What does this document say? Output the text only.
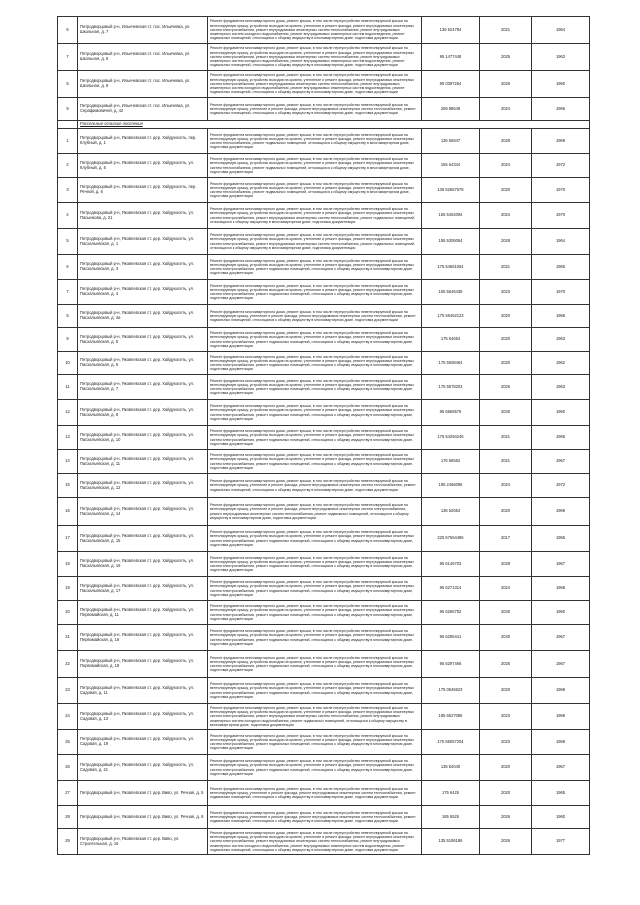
6	Петродворцовый р-н, Ильичевская ст. пос. Ильичевка, ул. Школьная, д. 7	Ремонт фундамента многоквартирного дома, ремонт крыши, в том числе переустройство невентилируемой крыши на вентилируемую крышу, устройство выходов на кровлю, утепление и ремонт фасада, ремонт внутридомовых инженерных систем электроснабжения, ремонт внутридомовых инженерных систем теплоснабжения, ремонт внутридомовых инженерных систем холодного водоснабжения, ремонт внутридомовых инженерных систем водоотведения, ремонт подвальных помещений, относящихся к общему имуществу в многоквартирном доме, подготовка документации	136 524784	2021	1964
7	Петродворцовый р-н, Ильичевская ст. пос. Ильичевка, ул. Школьная, д. 8	Ремонт фундамента многоквартирного дома, ремонт крыши, в том числе переустройство невентилируемой крыши на вентилируемую крышу, устройство выходов на кровлю, утепление и ремонт фасада, ремонт внутридомовых инженерных систем электроснабжения, ремонт внутридомовых инженерных систем теплоснабжения, ремонт внутридомовых инженерных систем холодного водоснабжения, ремонт внутридомовых инженерных систем водоотведения, ремонт подвальных помещений, относящихся к общему имуществу в многоквартирном доме, подготовка документации	95 1477448	2025	1963
8	Петродворцовый р-н, Ильичевская ст. пос. Ильичевка, ул. Школьная, д. 9	Ремонт фундамента многоквартирного дома, ремонт крыши, в том числе переустройство невентилируемой крыши на вентилируемую крышу, устройство выходов на кровлю, утепление и ремонт фасада, ремонт внутридомовых инженерных систем электроснабжения, ремонт внутридомовых инженерных систем теплоснабжения, ремонт внутридомовых инженерных систем холодного водоснабжения, ремонт внутридомовых инженерных систем водоотведения, ремонт подвальных помещений, относящихся к общему имуществу в многоквартирном доме, подготовка документации	95 0397264	2026	1960
9	Петродворцовый р-н, Ильичевская ст. пос. Ильичевка, ул. Серафимовичей, д. 42	Ремонт фундамента многоквартирного дома, ремонт крыши, в том числе переустройство невентилируемой крыши на вентилируемую крышу, утепление и ремонт фасада, ремонт внутридомовых инженерных систем теплоснабжения, ремонт подвальных помещений, относящихся к общему имуществу в многоквартирном доме, подготовка документации	259 98648	2024	1966
	Рассельные сельские поселения				
1	Петродворцовый р-н, Яковлевская ст. дер. Хайдукосеть, пер. Клубный, д. 1	Ремонт фундамента многоквартирного дома, ремонт крыши, в том числе переустройство невентилируемой крыши на вентилируемую крышу, устройство выходов на кровлю, утепление и ремонт фасада, ремонт внутридомовых инженерных систем теплоснабжения, ремонт подвальных помещений, относящихся к общему имуществу в многоквартирном доме, подготовка документации	136 65847	2028	1969
2	Петродворцовый р-н, Яковлевская ст. дер. Хайдукосеть, ул. Клубный, д. 5	Ремонт фундамента многоквартирного дома, ремонт крыши, в том числе переустройство невентилируемой крыши на вентилируемую крышу, устройство выходов на кровлю, утепление и ремонт фасада, ремонт внутридомовых инженерных систем теплоснабжения, ремонт подвальных помещений, относящихся к общему имуществу в многоквартирном доме, подготовка документации	155 64344	2024	1972
3	Петродворцовый р-н, Яковлевская ст. дер. Хайдукосеть, пер. Речной, д. 6	Ремонт фундамента многоквартирного дома, ремонт крыши, в том числе переустройство невентилируемой крыши на вентилируемую крышу, устройство выходов на кровлю, утепление и ремонт фасада, ремонт внутридомовых инженерных систем теплоснабжения, ремонт подвальных помещений, относящихся к общему имуществу в многоквартирном доме, подготовка документации	136 52667678	2020	1970
4	Петродворцовый р-н, Яковлевская ст. дер. Хайдукосеть, ул. Пасынкова, д. 21	Ремонт фундамента многоквартирного дома, ремонт крыши, в том числе переустройство невентилируемой крыши на вентилируемую крышу, устройство выходов на кровлю, утепление и ремонт фасада, ремонт внутридомовых инженерных систем электроснабжения, ремонт внутридомовых инженерных систем теплоснабжения, ремонт подвальных помещений, относящихся к общему имуществу в многоквартирном доме, подготовка документации	155 5454094	2024	1970
5	Петродворцовый р-н, Яковлевская ст. дер. Хайдукосеть, ул. Пасхальевская, д. 1	Ремонт фундамента многоквартирного дома, ремонт крыши, в том числе переустройство невентилируемой крыши на вентилируемую крышу, устройство выходов на кровлю, утепление и ремонт фасада, ремонт внутридомовых инженерных систем электроснабжения, ремонт внутридомовых инженерных систем теплоснабжения, ремонт подвальных помещений, относящихся к общему имуществу в многоквартирном доме, подготовка документации	155 5306064	2028	1964
6	Петродворцовый р-н, Яковлевская ст. дер. Хайдукосеть, ул. Пасхальевская, д. 3	Ремонт фундамента многоквартирного дома, ремонт крыши, в том числе переустройство невентилируемой крыши на вентилируемую крышу, устройство выходов на кровлю, утепление и ремонт фасада, ремонт внутридомовых инженерных систем электроснабжения, ремонт подвальных помещений, относящихся к общему имуществу в многоквартирном доме, подготовка документации	175 54661064	2021	1965
7	Петродворцовый р-н, Яковлевская ст. дер. Хайдукосеть, ул. Пасхальевская, д. 4	Ремонт фундамента многоквартирного дома, ремонт крыши, в том числе переустройство невентилируемой крыши на вентилируемую крышу, устройство выходов на кровлю, утепление и ремонт фасада, ремонт внутридомовых инженерных систем электроснабжения, ремонт подвальных помещений, относящихся к общему имуществу в многоквартирном доме, подготовка документации	155 5646435	2023	1970
8	Петродворцовый р-н, Яковлевская ст. дер. Хайдукосеть, ул. Пасхальевская, д. 4а	Ремонт фундамента многоквартирного дома, ремонт крыши, в том числе переустройство невентилируемой крыши на вентилируемую крышу, утепление и ремонт фасада, ремонт внутридомовых инженерных систем теплоснабжения, ремонт подвальных помещений, относящихся к общему имуществу в многоквартирном доме, подготовка документации	175 55462123	2020	1965
9	Петродворцовый р-н, Яковлевская ст. дер. Хайдукосеть, ул. Пасхальевская, д. 5	Ремонт фундамента многоквартирного дома, ремонт крыши, в том числе переустройство невентилируемой крыши на вентилируемую крышу, устройство выходов на кровлю, утепление и ремонт фасада, ремонт внутридомовых инженерных систем электроснабжения, ремонт подвальных помещений, относящихся к общему имуществу в многоквартирном доме, подготовка документации	175 54654	2020	1963
10	Петродворцовый р-н, Яковлевская ст. дер. Хайдукосеть, ул. Пасхальевская, д. 6	Ремонт фундамента многоквартирного дома, ремонт крыши, в том числе переустройство невентилируемой крыши на вентилируемую крышу, устройство выходов на кровлю, утепление и ремонт фасада, ремонт внутридомовых инженерных систем электроснабжения, ремонт подвальных помещений, относящихся к общему имуществу в многоквартирном доме, подготовка документации	175 5508464	2020	1962
11	Петродворцовый р-н, Яковлевская ст. дер. Хайдукосеть, ул. Пасхальевская, д. 7	Ремонт фундамента многоквартирного дома, ремонт крыши, в том числе переустройство невентилируемой крыши на вентилируемую крышу, устройство выходов на кровлю, утепление и ремонт фасада, ремонт внутридомовых инженерных систем электроснабжения, ремонт подвальных помещений, относящихся к общему имуществу в многоквартирном доме, подготовка документации	175 5578203	2026	1963
12	Петродворцовый р-н, Яковлевская ст. дер. Хайдукосеть, ул. Пасхальевская, д. 8	Ремонт фундамента многоквартирного дома, ремонт крыши, в том числе переустройство невентилируемой крыши на вентилируемую крышу, устройство выходов на кровлю, утепление и ремонт фасада, ремонт внутридомовых инженерных систем электроснабжения, ремонт подвальных помещений, относящихся к общему имуществу в многоквартирном доме, подготовка документации	95 6566576	2040	1960
13	Петродворцовый р-н, Яковлевская ст. дер. Хайдукосеть, ул. Пасхальевская, д. 10	Ремонт фундамента многоквартирного дома, ремонт крыши, в том числе переустройство невентилируемой крыши на вентилируемую крышу, устройство выходов на кровлю, утепление и ремонт фасада, ремонт внутридомовых инженерных систем электроснабжения, ремонт подвальных помещений, относящихся к общему имуществу в многоквартирном доме, подготовка документации	175 54294246	2021	1965
14	Петродворцовый р-н, Яковлевская ст. дер. Хайдукосеть, ул. Пасхальевская, д. 11	Ремонт фундамента многоквартирного дома, ремонт крыши, в том числе переустройство невентилируемой крыши на вентилируемую крышу, устройство выходов на кровлю, утепление и ремонт фасада, ремонт внутридомовых инженерных систем электроснабжения, ремонт подвальных помещений, относящихся к общему имуществу в многоквартирном доме, подготовка документации	176 56562	2021	1967
15	Петродворцовый р-н, Яковлевская ст. дер. Хайдукосеть, ул. Пасхальевская, д. 12	Ремонт фундамента многоквартирного дома, ремонт крыши, в том числе переустройство невентилируемой крыши на вентилируемую крышу, утепление и ремонт фасада, ремонт внутридомовых инженерных систем теплоснабжения, ремонт подвальных помещений, относящихся к общему имуществу в многоквартирном доме, подготовка документации	195 2466096	2024	1972
16	Петродворцовый р-н, Яковлевская ст. дер. Хайдукосеть, ул. Пасхальевская, д. 14	Ремонт фундамента многоквартирного дома, ремонт крыши, в том числе переустройство невентилируемой крыши на вентилируемую крышу, утепление и ремонт фасада, ремонт внутридомовых инженерных систем электроснабжения, ремонт внутридомовых инженерных систем теплоснабжения, ремонт подвальных помещений, относящихся к общему имуществу в многоквартирном доме, подготовка документации	136 52654	2020	1969
17	Петродворцовый р-н, Яковлевская ст. дер. Хайдукосеть, ул. Пасхальевская, д. 15	Ремонт фундамента многоквартирного дома, ремонт крыши, в том числе переустройство невентилируемой крыши на вентилируемую крышу, устройство выходов на кровлю, утепление и ремонт фасада, ремонт внутридомовых инженерных систем электроснабжения, ремонт подвальных помещений, относящихся к общему имуществу в многоквартирном доме, подготовка документации	225 57564486	2017	1965
18	Петродворцовый р-н, Яковлевская ст. дер. Хайдукосеть, ул. Пасхальевская, д. 16	Ремонт фундамента многоквартирного дома, ремонт крыши, в том числе переустройство невентилируемой крыши на вентилируемую крышу, устройство выходов на кровлю, утепление и ремонт фасада, ремонт внутридомовых инженерных систем электроснабжения, ремонт подвальных помещений, относящихся к общему имуществу в многоквартирном доме, подготовка документации	95 6146703	2029	1967
19	Петродворцовый р-н, Яковлевская ст. дер. Хайдукосеть, ул. Пасхальевская, д. 17	Ремонт фундамента многоквартирного дома, ремонт крыши, в том числе переустройство невентилируемой крыши на вентилируемую крышу, устройство выходов на кровлю, утепление и ремонт фасада, ремонт внутридомовых инженерных систем электроснабжения, ремонт подвальных помещений, относящихся к общему имуществу в многоквартирном доме, подготовка документации	95 6271314	2024	1968
20	Петродворцовый р-н, Яковлевская ст. дер. Хайдукосеть, ул. Первомайская, д. 11	Ремонт фундамента многоквартирного дома, ремонт крыши, в том числе переустройство невентилируемой крыши на вентилируемую крышу, устройство выходов на кровлю, утепление и ремонт фасада, ремонт внутридомовых инженерных систем электроснабжения, ремонт подвальных помещений, относящихся к общему имуществу в многоквартирном доме, подготовка документации	95 6266752	2040	1960
21	Петродворцовый р-н, Яковлевская ст. дер. Хайдукосеть, ул. Первомайская, д. 16	Ремонт фундамента многоквартирного дома, ремонт крыши, в том числе переустройство невентилируемой крыши на вентилируемую крышу, устройство выходов на кровлю, утепление и ремонт фасада, ремонт внутридомовых инженерных систем электроснабжения, ремонт подвальных помещений, относящихся к общему имуществу в многоквартирном доме, подготовка документации	95 6295441	2040	1967
22	Петродворцовый р-н, Яковлевская ст. дер. Хайдукосеть, ул. Первомайская, д. 18	Ремонт фундамента многоквартирного дома, ремонт крыши, в том числе переустройство невентилируемой крыши на вентилируемую крышу, устройство выходов на кровлю, утепление и ремонт фасада, ремонт внутридомовых инженерных систем электроснабжения, ремонт подвальных помещений, относящихся к общему имуществу в многоквартирном доме, подготовка документации	95 6297466	2026	1967
23	Петродворцовый р-н, Яковлевская ст. дер. Хайдукосеть, ул. Садовая, д. 11	Ремонт фундамента многоквартирного дома, ремонт крыши, в том числе переустройство невентилируемой крыши на вентилируемую крышу, устройство выходов на кровлю, утепление и ремонт фасада, ремонт внутридомовых инженерных систем электроснабжения, ремонт подвальных помещений, относящихся к общему имуществу в многоквартирном доме, подготовка документации	175 0546623	2020	1969
24	Петродворцовый р-н, Яковлевская ст. дер. Хайдукосеть, ул. Садовая, д. 13	Ремонт фундамента многоквартирного дома, ремонт крыши, в том числе переустройство невентилируемой крыши на вентилируемую крышу, устройство выходов на кровлю, утепление и ремонт фасада, ремонт внутридомовых инженерных систем электроснабжения, ремонт внутридомовых инженерных систем теплоснабжения, ремонт внутридомовых инженерных систем холодного водоснабжения, ремонт подвальных помещений, относящихся к общему имуществу в многоквартирном доме, подготовка документации	185 6527086	2023	1969
25	Петродворцовый р-н, Яковлевская ст. дер. Хайдукосеть, ул. Садовая, д. 19	Ремонт фундамента многоквартирного дома, ремонт крыши, в том числе переустройство невентилируемой крыши на вентилируемую крышу, устройство выходов на кровлю, утепление и ремонт фасада, ремонт внутридомовых инженерных систем электроснабжения, ремонт подвальных помещений, относящихся к общему имуществу в многоквартирном доме, подготовка документации	175 65057204	2023	1969
26	Петродворцовый р-н, Яковлевская ст. дер. Хайдукосеть, ул. Садовая, д. 21	Ремонт фундамента многоквартирного дома, ремонт крыши, в том числе переустройство невентилируемой крыши на вентилируемую крышу, устройство выходов на кровлю, утепление и ремонт фасада, ремонт внутридомовых инженерных систем электроснабжения, ремонт подвальных помещений, относящихся к общему имуществу в многоквартирном доме, подготовка документации	135 64040	2020	1967
27	Петродворцовый р-н, Яковлевская ст. дер. Виво, ул. Речная, д. 5	Ремонт фундамента многоквартирного дома, ремонт крыши, в том числе переустройство невентилируемой крыши на вентилируемую крышу, утепление и ремонт фасада, ремонт внутридомовых инженерных систем теплоснабжения, ремонт подвальных помещений, относящихся к общему имуществу в многоквартирном доме, подготовка документации	175 6425	2020	1965
28	Петродворцовый р-н, Яковлевская ст. дер. Виво, ул. Речная, д. 8	Ремонт фундамента многоквартирного дома, ремонт крыши, в том числе переустройство невентилируемой крыши на вентилируемую крышу, утепление и ремонт фасада, ремонт внутридомовых инженерных систем теплоснабжения, ремонт подвальных помещений, относящихся к общему имуществу в многоквартирном доме, подготовка документации	185 6525	2026	1960
29	Петродворцовый р-н, Яковлевская ст. дер. Виво, ул. Строительная, д. 16	Ремонт фундамента многоквартирного дома, ремонт крыши, в том числе переустройство невентилируемой крыши на вентилируемую крышу, устройство выходов на кровлю, утепление и ремонт фасада, ремонт внутридомовых инженерных систем электроснабжения, ремонт внутридомовых инженерных систем теплоснабжения, ремонт внутридомовых инженерных систем холодного водоснабжения, ремонт внутридомовых инженерных систем водоотведения, ремонт подвальных помещений, относящихся к общему имуществу в многоквартирном доме, подготовка документации	135 5186186	2026	1977
